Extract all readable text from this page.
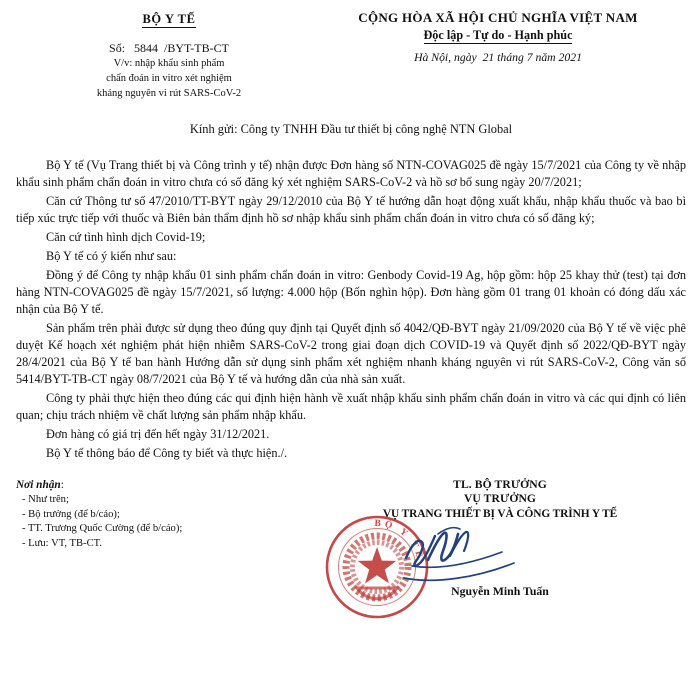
BỘ Y TẾ
Số:   5844  /BYT-TB-CT
V/v: nhập khẩu sinh phẩm
chẩn đoán in vitro xét nghiệm
kháng nguyên vi rút SARS-CoV-2
CỘNG HÒA XÃ HỘI CHỦ NGHĨA VIỆT NAM
Độc lập - Tự do - Hạnh phúc
Hà Nội, ngày  21 tháng 7 năm 2021
Kính gửi: Công ty TNHH Đầu tư thiết bị công nghệ NTN Global

Bộ Y tế (Vụ Trang thiết bị và Công trình y tế) nhận được Đơn hàng số NTN-COVAG025 đề ngày 15/7/2021 của Công ty về nhập khẩu sinh phẩm chẩn đoán in vitro chưa có số đăng ký xét nghiệm SARS-CoV-2 và hồ sơ bổ sung ngày 20/7/2021;

Căn cứ Thông tư số 47/2010/TT-BYT ngày 29/12/2010 của Bộ Y tế hướng dẫn hoạt động xuất khẩu, nhập khẩu thuốc và bao bì tiếp xúc trực tiếp với thuốc và Biên bản thẩm định hồ sơ nhập khẩu sinh phẩm chẩn đoán in vitro chưa có số đăng ký;

Căn cứ tình hình dịch Covid-19;

Bộ Y tế có ý kiến như sau:

Đồng ý để Công ty nhập khẩu 01 sinh phẩm chẩn đoán in vitro: Genbody Covid-19 Ag, hộp gồm: hộp 25 khay thử (test) tại đơn hàng NTN-COVAG025 đề ngày 15/7/2021, số lượng: 4.000 hộp (Bốn nghìn hộp). Đơn hàng gồm 01 trang 01 khoản có đóng dấu xác nhận của Bộ Y tế.

Sản phẩm trên phải được sử dụng theo đúng quy định tại Quyết định số 4042/QĐ-BYT ngày 21/09/2020 của Bộ Y tế về việc phê duyệt Kế hoạch xét nghiệm phát hiện nhiễm SARS-CoV-2 trong giai đoạn dịch COVID-19 và Quyết định số 2022/QĐ-BYT ngày 28/4/2021 của Bộ Y tế ban hành Hướng dẫn sử dụng sinh phẩm xét nghiệm nhanh kháng nguyên vi rút SARS-CoV-2, Công văn số 5414/BYT-TB-CT ngày 08/7/2021 của Bộ Y tế và hướng dẫn của nhà sản xuất.

Công ty phải thực hiện theo đúng các qui định hiện hành về xuất nhập khẩu sinh phẩm chẩn đoán in vitro và các qui định có liên quan; chịu trách nhiệm về chất lượng sản phẩm nhập khẩu.

Đơn hàng có giá trị đến hết ngày 31/12/2021.

Bộ Y tế thông báo để Công ty biết và thực hiện./.

Nơi nhận:
- Như trên;
- Bộ trưởng (để b/cáo);
- TT. Trương Quốc Cường (để b/cáo);
- Lưu: VT, TB-CT.
TL. BỘ TRƯỞNG
VỤ TRƯỞNG
VỤ TRANG THIẾT BỊ VÀ CÔNG TRÌNH Y TẾ
BỘ Y TẾ
Nguyễn Minh Tuấn
